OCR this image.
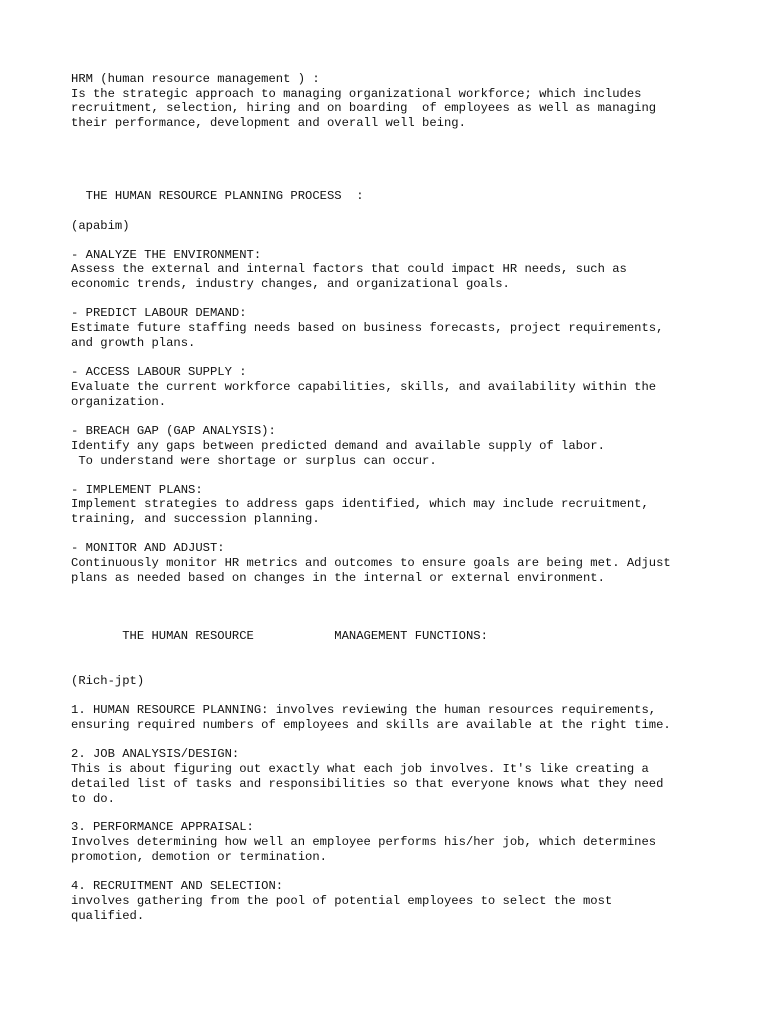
HRM (human resource management ) :
Is the strategic approach to managing organizational workforce; which includes
recruitment, selection, hiring and on boarding  of employees as well as managing
their performance, development and overall well being.
THE HUMAN RESOURCE PLANNING PROCESS  :
(apabim)
- ANALYZE THE ENVIRONMENT:
Assess the external and internal factors that could impact HR needs, such as
economic trends, industry changes, and organizational goals.
- PREDICT LABOUR DEMAND:
Estimate future staffing needs based on business forecasts, project requirements,
and growth plans.
- ACCESS LABOUR SUPPLY :
Evaluate the current workforce capabilities, skills, and availability within the
organization.
- BREACH GAP (GAP ANALYSIS):
Identify any gaps between predicted demand and available supply of labor.
To understand were shortage or surplus can occur.
- IMPLEMENT PLANS:
Implement strategies to address gaps identified, which may include recruitment,
training, and succession planning.
- MONITOR AND ADJUST:
Continuously monitor HR metrics and outcomes to ensure goals are being met. Adjust
plans as needed based on changes in the internal or external environment.
THE HUMAN RESOURCE           MANAGEMENT FUNCTIONS:
(Rich-jpt)
1. HUMAN RESOURCE PLANNING: involves reviewing the human resources requirements,
ensuring required numbers of employees and skills are available at the right time.
2. JOB ANALYSIS/DESIGN:
This is about figuring out exactly what each job involves. It's like creating a
detailed list of tasks and responsibilities so that everyone knows what they need
to do.
3. PERFORMANCE APPRAISAL:
Involves determining how well an employee performs his/her job, which determines
promotion, demotion or termination.
4. RECRUITMENT AND SELECTION:
involves gathering from the pool of potential employees to select the most
qualified.
